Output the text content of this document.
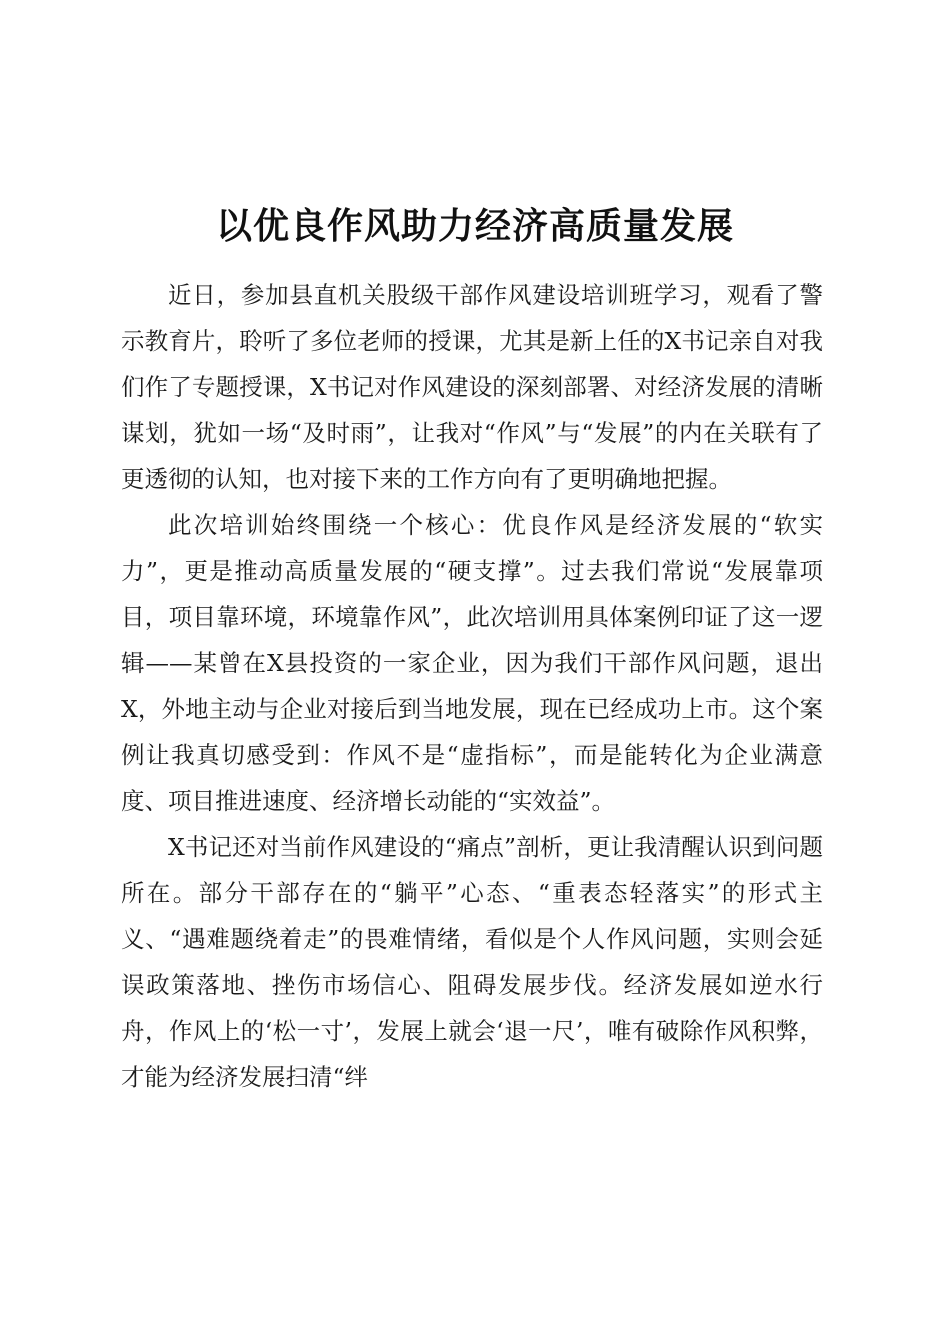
以优良作风助力经济高质量发展

近日，参加县直机关股级干部作风建设培训班学习，观看了警示教育片，聆听了多位老师的授课，尤其是新上任的X书记亲自对我们作了专题授课，X书记对作风建设的深刻部署、对经济发展的清晰谋划，犹如一场“及时雨”，让我对“作风”与“发展”的内在关联有了更透彻的认知，也对接下来的工作方向有了更明确地把握。

此次培训始终围绕一个核心：优良作风是经济发展的“软实力”，更是推动高质量发展的“硬支撑”。过去我们常说“发展靠项目，项目靠环境，环境靠作风”，此次培训用具体案例印证了这一逻辑——某曾在X县投资的一家企业，因为我们干部作风问题，退出X，外地主动与企业对接后到当地发展，现在已经成功上市。这个案例让我真切感受到：作风不是“虚指标”，而是能转化为企业满意度、项目推进速度、经济增长动能的“实效益”。

X书记还对当前作风建设的“痛点”剖析，更让我清醒认识到问题所在。部分干部存在的“躺平”心态、“重表态轻落实”的形式主义、“遇难题绕着走”的畏难情绪，看似是个人作风问题，实则会延误政策落地、挫伤市场信心、阻碍发展步伐。经济发展如逆水行舟，作风上的‘松一寸’，发展上就会‘退一尺’，唯有破除作风积弊，才能为经济发展扫清“绊
